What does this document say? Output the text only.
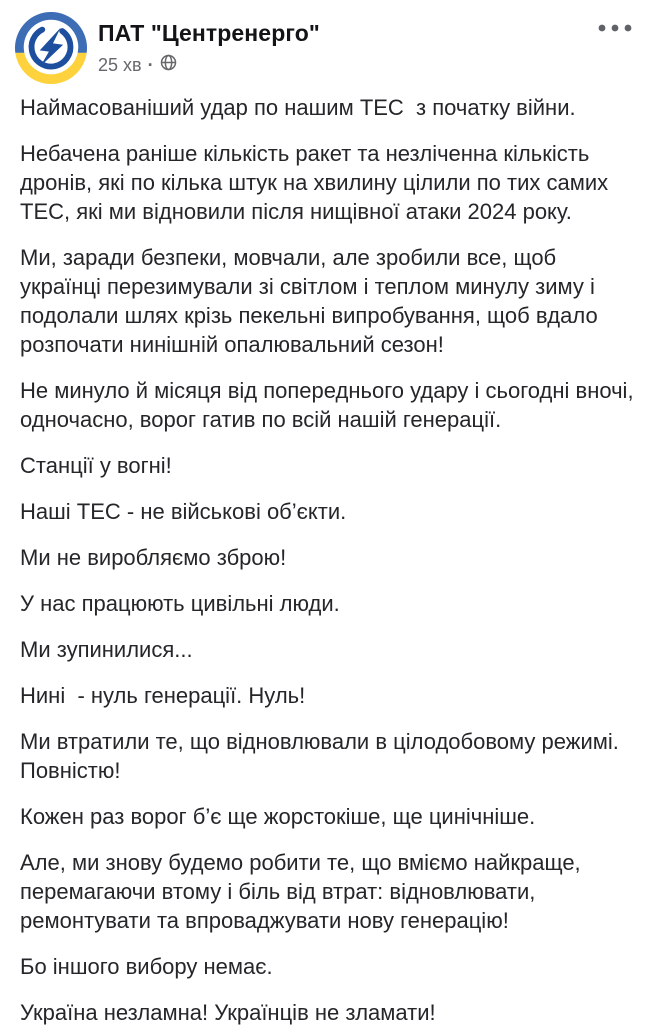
ПАТ "Центренерго"
25 хв ·

Наймасованіший удар по нашим ТЕС  з початку війни.

Небачена раніше кількість ракет та незліченна кількість дронів, які по кілька штук на хвилину цілили по тих самих ТЕС, які ми відновили після нищівної атаки 2024 року.

Ми, заради безпеки, мовчали, але зробили все, щоб українці перезимували зі світлом і теплом минулу зиму і подолали шлях крізь пекельні випробування, щоб вдало розпочати нинішній опалювальний сезон!

Не минуло й місяця від попереднього удару і сьогодні вночі, одночасно, ворог гатив по всій нашій генерації.

Станції у вогні!

Наші ТЕС - не військові об’єкти.

Ми не виробляємо зброю!

У нас працюють цивільні люди.

Ми зупинилися...

Нині  - нуль генерації. Нуль!

Ми втратили те, що відновлювали в цілодобовому режимі. Повністю!

Кожен раз ворог б’є ще жорстокіше, ще цинічніше.

Але, ми знову будемо робити те, що вміємо найкраще, перемагаючи втому і біль від втрат: відновлювати, ремонтувати та впроваджувати нову генерацію!

Бо іншого вибору немає.

Україна незламна! Українців не зламати!
